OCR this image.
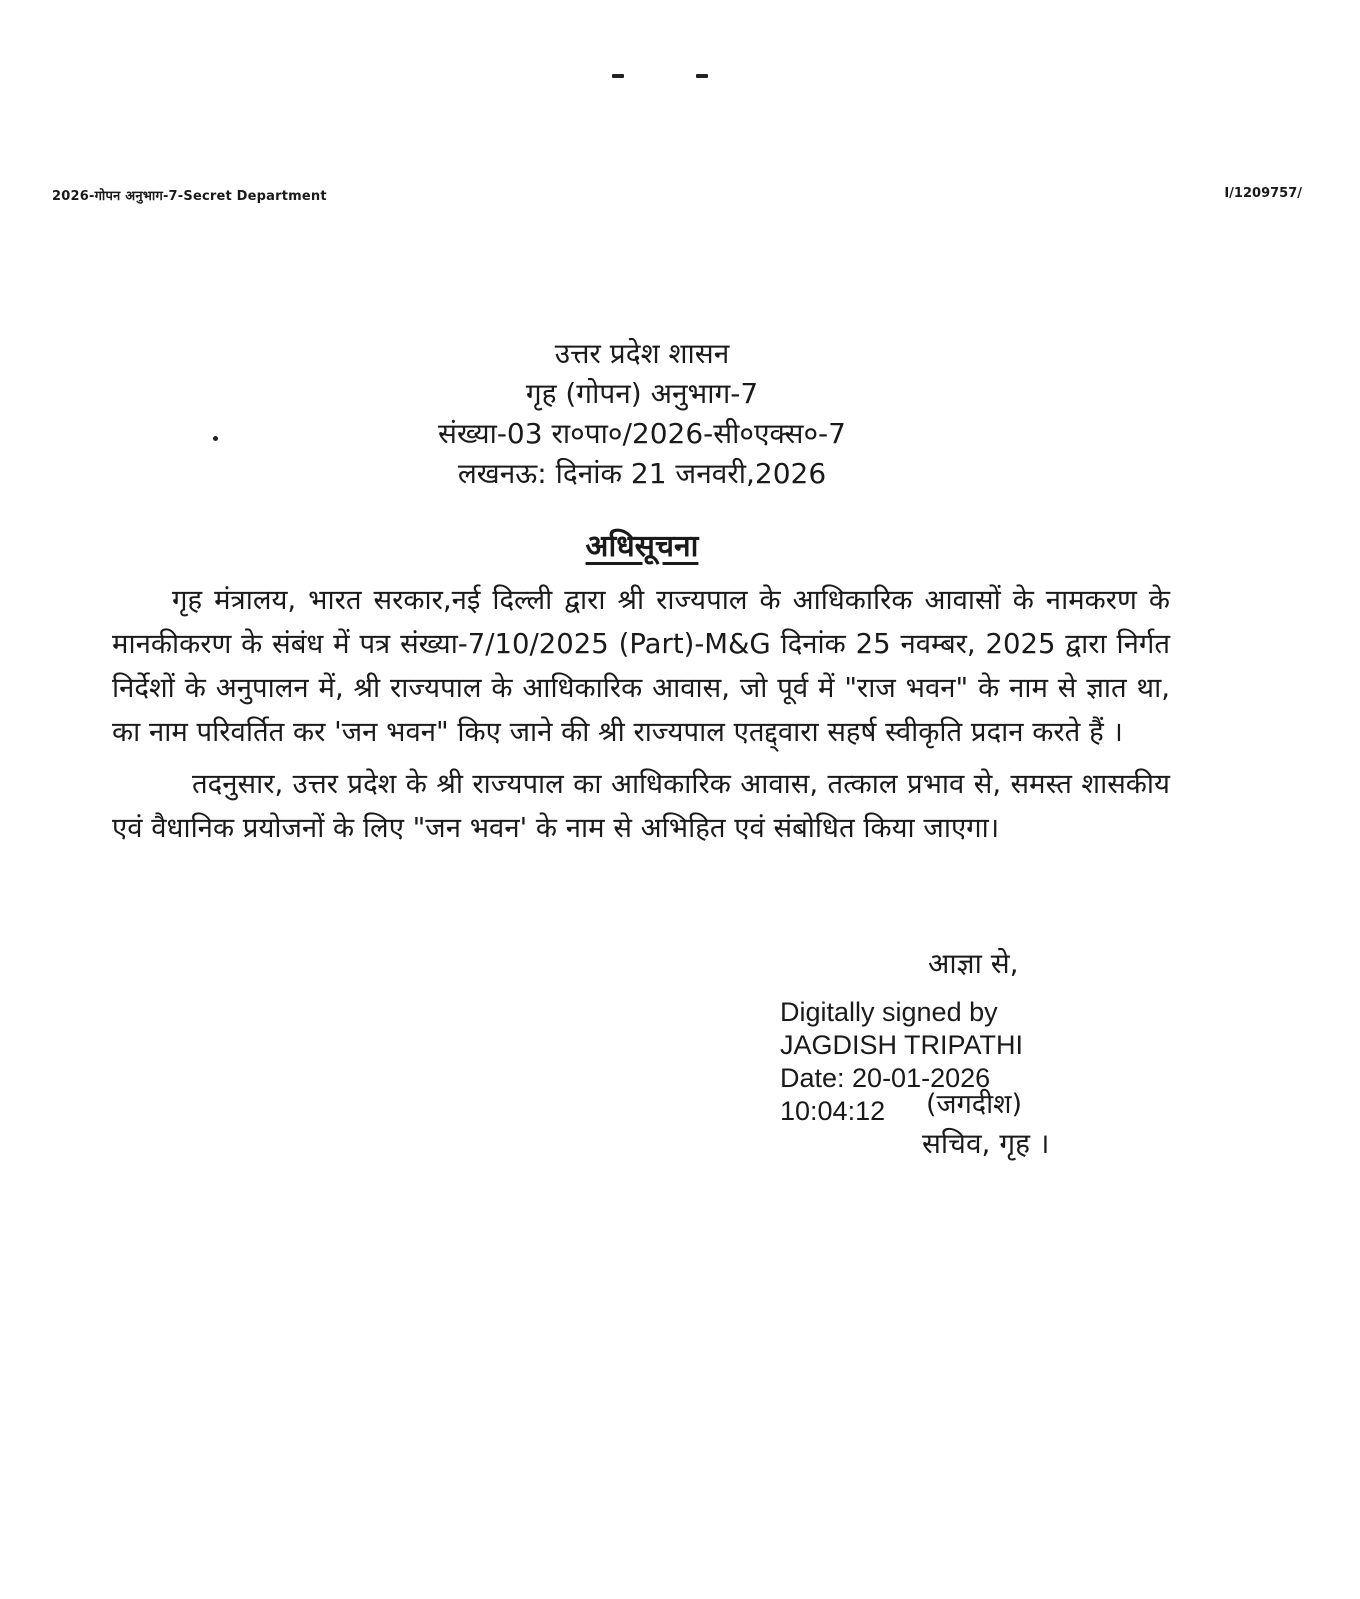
2026-गोपन अनुभाग-7-Secret Department	I/1209757/
उत्तर प्रदेश शासन
गृह (गोपन) अनुभाग-7
संख्या-03 रा०पा०/2026-सी०एक्स०-7
लखनऊ: दिनांक 21 जनवरी,2026
अधिसूचना

गृह मंत्रालय, भारत सरकार,नई दिल्ली द्वारा श्री राज्यपाल के आधिकारिक आवासों के नामकरण के मानकीकरण के संबंध में पत्र संख्या-7/10/2025 (Part)-M&G दिनांक 25 नवम्बर, 2025 द्वारा निर्गत निर्देशों के अनुपालन में, श्री राज्यपाल के आधिकारिक आवास, जो पूर्व में "राज भवन" के नाम से ज्ञात था, का नाम परिवर्तित कर 'जन भवन" किए जाने की श्री राज्यपाल एतद्द्वारा सहर्ष स्वीकृति प्रदान करते हैं ।

तदनुसार, उत्तर प्रदेश के श्री राज्यपाल का आधिकारिक आवास, तत्काल प्रभाव से, समस्त शासकीय एवं वैधानिक प्रयोजनों के लिए "जन भवन' के नाम से अभिहित एवं संबोधित किया जाएगा।

आज्ञा से,
Digitally signed by
JAGDISH TRIPATHI
Date: 20-01-2026
10:04:12	(जगदीश)
सचिव, गृह ।
